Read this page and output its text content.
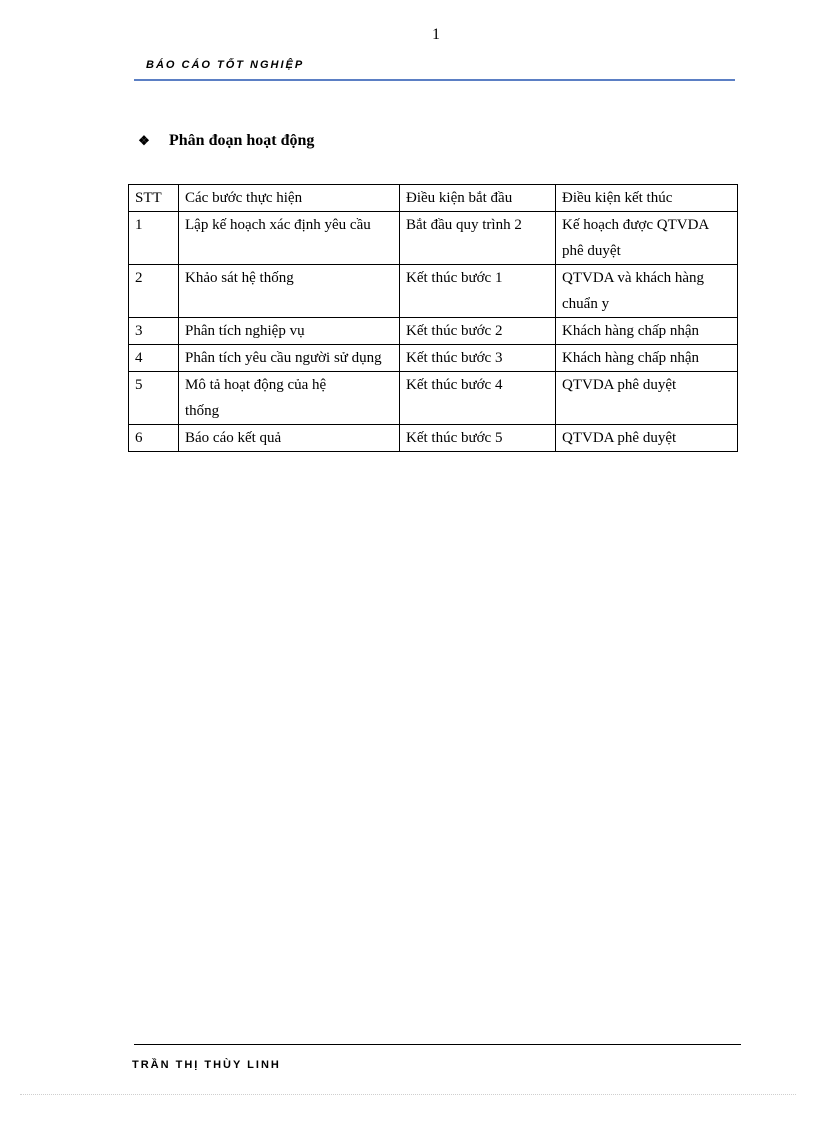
1
BÁO CÁO TỐT NGHIỆP
❖ Phân đoạn hoạt động
STT	Các bước thực hiện	Điều kiện bắt đầu	Điều kiện kết thúc
1	Lập kế hoạch xác định yêu cầu	Bắt đầu quy trình 2	Kế hoạch được QTVDA phê duyệt
2	Khảo sát hệ thống	Kết thúc bước 1	QTVDA và khách hàng chuẩn y
3	Phân tích nghiệp vụ	Kết thúc bước 2	Khách hàng chấp nhận
4	Phân tích yêu cầu người sử dụng	Kết thúc bước 3	Khách hàng chấp nhận
5	Mô tả hoạt động của hệ thống	Kết thúc bước 4	QTVDA phê duyệt
6	Báo cáo kết quả	Kết thúc bước 5	QTVDA phê duyệt
TRẦN THỊ THÙY LINH
